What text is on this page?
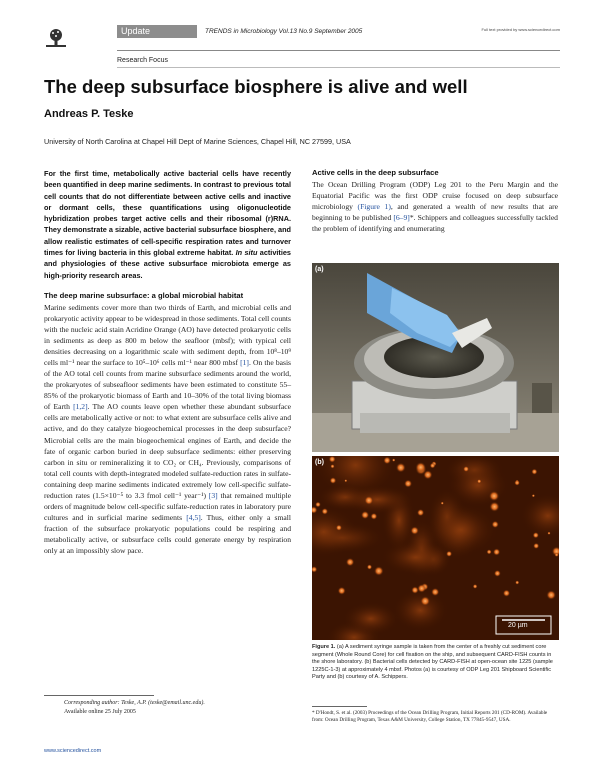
Update	TRENDS in Microbiology Vol.13 No.9 September 2005	Full text provided by www.sciencedirect.com
Research Focus
The deep subsurface biosphere is alive and well
Andreas P. Teske
University of North Carolina at Chapel Hill Dept of Marine Sciences, Chapel Hill, NC 27599, USA

For the first time, metabolically active bacterial cells have recently been quantified in deep marine sediments. In contrast to previous total cell counts that do not differentiate between active cells and inactive or dormant cells, these quantifications using oligonucleotide hybridization probes target active cells and their ribosomal (r)RNA. They demonstrate a sizable, active bacterial subsurface biosphere, and allow realistic estimates of cell-specific respiration rates and turnover times for living bacteria in this global extreme habitat. In situ activities and physiologies of these active subsurface microbiota emerge as high-priority research areas.

The deep marine subsurface: a global microbial habitat

Marine sediments cover more than two thirds of Earth, and microbial cells and prokaryotic activity appear to be widespread in those sediments. Total cell counts with the nucleic acid stain Acridine Orange (AO) have detected prokaryotic cells in sediments as deep as 800 m below the seafloor (mbsf); with typical cell densities decreasing on a logarithmic scale with sediment depth, from 10⁸–10⁹ cells ml⁻¹ near the surface to 10⁵–10⁶ cells ml⁻¹ near 800 mbsf [1]. On the basis of the AO total cell counts from marine subsurface sediments around the world, the prokaryotes of subseafloor sediments have been estimated to constitute 55–85% of the prokaryotic biomass of Earth and 10–30% of the total living biomass of Earth [1,2]. The AO counts leave open whether these abundant subsurface cells are metabolically active or not: to what extent are subsurface cells alive and active, and do they catalyze biogeochemical processes in the deep subsurface? Microbial cells are the main biogeochemical engines of Earth, and decide the fate of organic carbon buried in deep subsurface sediments: either preserving carbon in situ or remineralizing it to CO₂ or CH₄. Previously, comparisons of total cell counts with depth-integrated modeled sulfate-reduction rates in sulfate-containing deep marine sediments indicated extremely low cell-specific sulfate-reduction rates (1.5×10⁻⁵ to 3.3 fmol cell⁻¹ year⁻¹) [3] that remained multiple orders of magnitude below cell-specific sulfate-reduction rates in laboratory pure cultures and in surficial marine sediments [4,5]. Thus, either only a small fraction of the subsurface prokaryotic populations could be respiring and metabolically active, or subsurface cells could generate energy by respiration only at an impossibly slow pace.

Corresponding author: Teske, A.P. (teske@email.unc.edu).
Available online 25 July 2005
www.sciencedirect.com
Active cells in the deep subsurface

The Ocean Drilling Program (ODP) Leg 201 to the Peru Margin and the Equatorial Pacific was the first ODP cruise focused on deep subsurface microbiology (Figure 1), and generated a wealth of new results that are beginning to be published [6–9]*. Schippers and colleagues successfully tackled the problem of identifying and enumerating

(a)
(b)
20 µm
Figure 1. (a) A sediment syringe sample is taken from the center of a freshly cut sediment core segment (Whole Round Core) for cell fixation on the ship, and subsequent CARD-FISH counts in the shore laboratory. (b) Bacterial cells detected by CARD-FISH at open-ocean site 1225 (sample 1225C-1-3) at approximately 4 mbsf. Photos (a) is courtesy of ODP Leg 201 Shipboard Scientific Party and (b) courtesy of A. Schippers.
* D'Hondt, S. et al. (2003) Proceedings of the Ocean Drilling Program, Initial Reports 201 (CD-ROM). Available from: Ocean Drilling Program, Texas A&M University, College Station, TX 77845-9547, USA.
